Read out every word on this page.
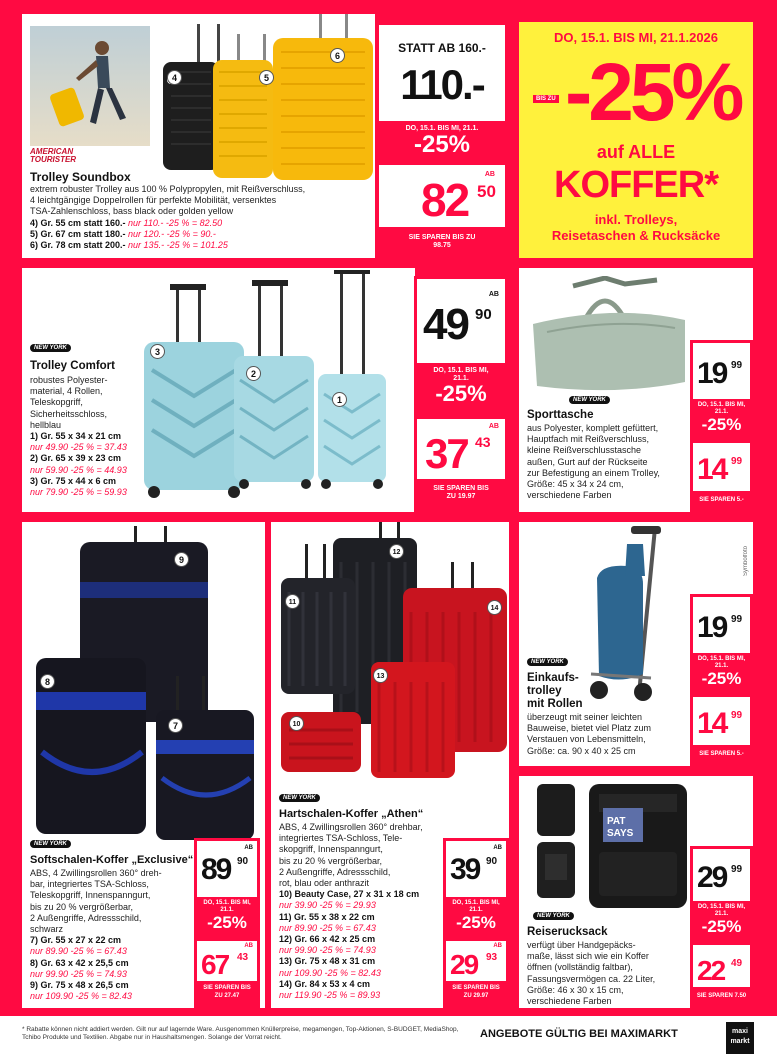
AMERICAN
TOURISTER
4	5
6
Trolley Soundbox
extrem robuster Trolley aus 100 % Polypropylen, mit Reißverschluss,
4 leichtgängige Doppelrollen für perfekte Mobilität, versenktes
TSA-Zahlenschloss, bass black oder golden yellow
4) Gr. 55 cm statt 160.- nur 110.- -25 % = 82.50
5) Gr. 67 cm statt 180.- nur 120.- -25 % = 90.-
6) Gr. 78 cm statt 200.- nur 135.- -25 % = 101.25
STATT AB 160.-
110.-
DO, 15.1. BIS MI, 21.1.
-25%
AB
82 50
SIE SPAREN BIS ZU 98.75
DO, 15.1. BIS MI, 21.1.2026
BIS ZU -25%
auf ALLE
KOFFER*
inkl. Trolleys,
Reisetaschen & Rucksäcke
NEW YORK
Trolley Comfort
robustes Polyester-
material, 4 Rollen,
Teleskopgriff,
Sicherheitsschloss,
hellblau
1) Gr. 55 x 34 x 21 cm
nur 49.90 -25 % = 37.43
2) Gr. 65 x 39 x 23 cm
nur 59.90 -25 % = 44.93
3) Gr. 75 x 44 x 6 cm
nur 79.90 -25 % = 59.93
3
2
1
AB
49 90
DO, 15.1. BIS MI, 21.1.
-25%
AB
37 43
SIE SPAREN BIS ZU 19.97
NEW YORK
Sporttasche
aus Polyester, komplett gefüttert,
Hauptfach mit Reißverschluss,
kleine Reißverschlusstasche
außen, Gurt auf der Rückseite
zur Befestigung an einem Trolley,
Größe: 45 x 34 x 24 cm,
verschiedene Farben
19 99
DO, 15.1. BIS MI, 21.1.
-25%
14 99
SIE SPAREN 5.-
9
8
7
NEW YORK
Softschalen-Koffer „Exclusive“
ABS, 4 Zwillingsrollen 360° dreh-
bar, integriertes TSA-Schloss,
Teleskopgriff, Innenspanngurt,
bis zu 20 % vergrößerbar,
2 Außengriffe, Adressschild,
schwarz
7) Gr. 55 x 27 x 22 cm
nur 89.90 -25 % = 67.43
8) Gr. 63 x 42 x 25,5 cm
nur 99.90 -25 % = 74.93
9) Gr. 75 x 48 x 26,5 cm
nur 109.90 -25 % = 82.43
AB
89 90
DO, 15.1. BIS MI, 21.1.
-25%
AB
67 43
SIE SPAREN BIS ZU 27.47
12
11
14
13
10
NEW YORK
Hartschalen-Koffer „Athen“
ABS, 4 Zwillingsrollen 360° drehbar,
integriertes TSA-Schloss, Tele-
skopgriff, Innenspanngurt,
bis zu 20 % vergrößerbar,
2 Außengriffe, Adressschild,
rot, blau oder anthrazit
10) Beauty Case, 27 x 31 x 18 cm
nur 39.90 -25 % = 29.93
11) Gr. 55 x 38 x 22 cm
nur 89.90 -25 % = 67.43
12) Gr. 66 x 42 x 25 cm
nur 99.90 -25 % = 74.93
13) Gr. 75 x 48 x 31 cm
nur 109.90 -25 % = 82.43
14) Gr. 84 x 53 x 4 cm
nur 119.90 -25 % = 89.93
AB
39 90
DO, 15.1. BIS MI, 21.1.
-25%
AB
29 93
SIE SPAREN BIS ZU 29.97
Symbolfoto
NEW YORK
Einkaufs-
trolley
mit Rollen
überzeugt mit seiner leichten
Bauweise, bietet viel Platz zum
Verstauen von Lebensmitteln,
Größe: ca. 90 x 40 x 25 cm
19 99
DO, 15.1. BIS MI, 21.1.
-25%
14 99
SIE SPAREN 5.-
PAT
SAYS
NEW YORK
Reiserucksack
verfügt über Handgepäcks-
maße, lässt sich wie ein Koffer
öffnen (vollständig faltbar),
Fassungsvermögen ca. 22 Liter,
Größe: 46 x 30 x 15 cm,
verschiedene Farben
29 99
DO, 15.1. BIS MI, 21.1.
-25%
22 49
SIE SPAREN 7.50
* Rabatte können nicht addiert werden. Gilt nur auf lagernde Ware. Ausgenommen Knüllerpreise, megamengen, Top-Aktionen, S-BUDGET, MediaShop, Tchibo Produkte und Textilien. Abgabe nur in Haushaltsmengen. Solange der Vorrat reicht.	ANGEBOTE GÜLTIG BEI MAXIMARKT	maxi
markt
